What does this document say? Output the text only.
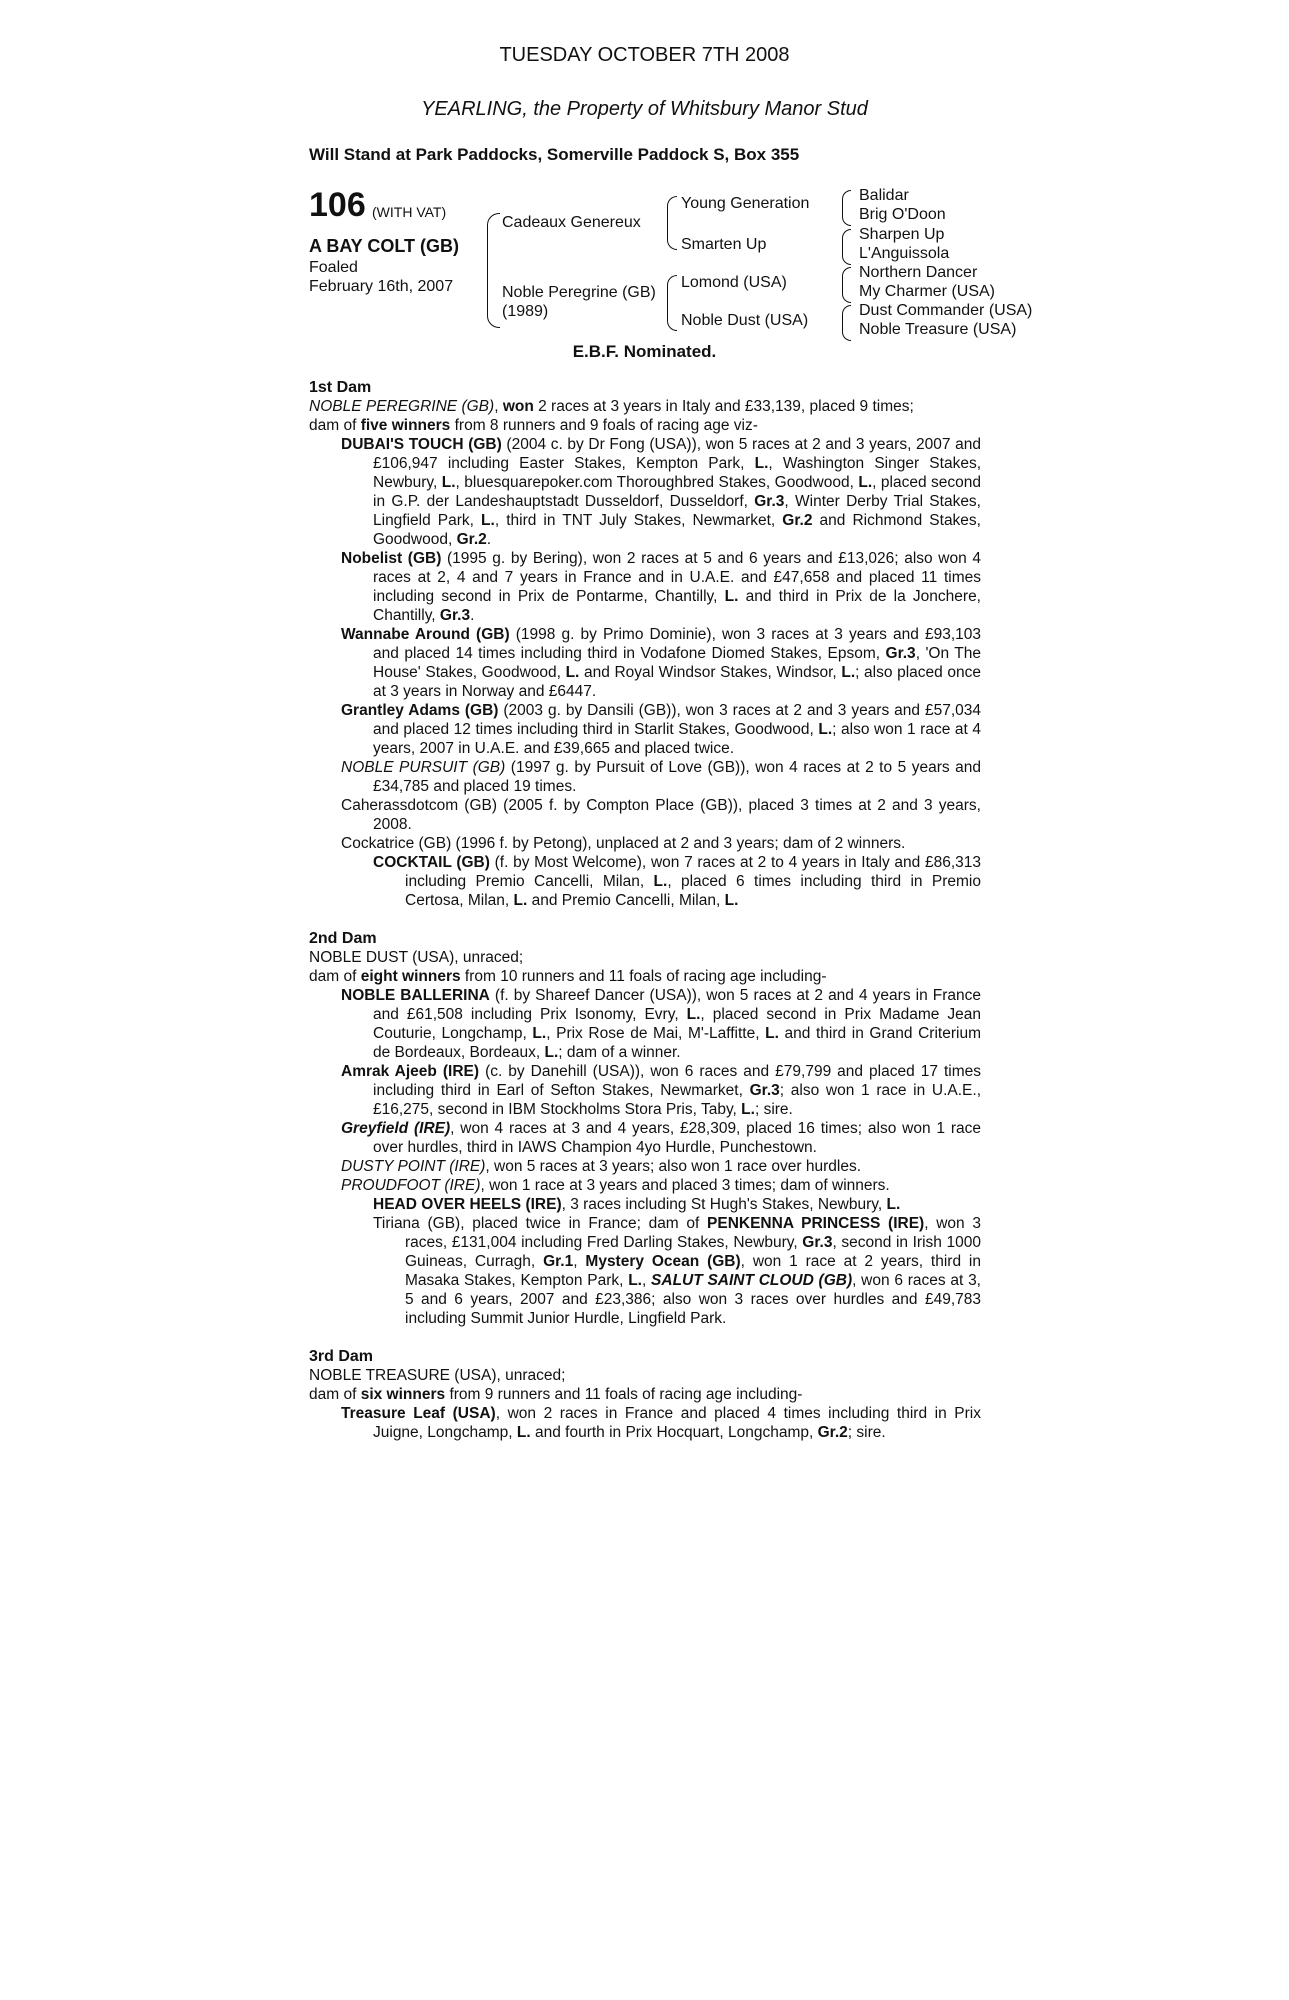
TUESDAY OCTOBER 7TH 2008
YEARLING, the Property of Whitsbury Manor Stud
Will Stand at Park Paddocks, Somerville Paddock S, Box 355
106 (WITH VAT)
A BAY COLT (GB)
Foaled
February 16th, 2007
Cadeaux Genereux
Noble Peregrine (GB)
(1989)
Young Generation
Smarten Up
Lomond (USA)
Noble Dust (USA)
Balidar
Brig O'Doon
Sharpen Up
L'Anguissola
Northern Dancer
My Charmer (USA)
Dust Commander (USA)
Noble Treasure (USA)
E.B.F. Nominated.

1st Dam

NOBLE PEREGRINE (GB), won 2 races at 3 years in Italy and £33,139, placed 9 times;

dam of five winners from 8 runners and 9 foals of racing age viz-

DUBAI'S TOUCH (GB) (2004 c. by Dr Fong (USA)), won 5 races at 2 and 3 years, 2007 and £106,947 including Easter Stakes, Kempton Park, L., Washington Singer Stakes, Newbury, L., bluesquarepoker.com Thoroughbred Stakes, Goodwood, L., placed second in G.P. der Landeshauptstadt Dusseldorf, Dusseldorf, Gr.3, Winter Derby Trial Stakes, Lingfield Park, L., third in TNT July Stakes, Newmarket, Gr.2 and Richmond Stakes, Goodwood, Gr.2.

Nobelist (GB) (1995 g. by Bering), won 2 races at 5 and 6 years and £13,026; also won 4 races at 2, 4 and 7 years in France and in U.A.E. and £47,658 and placed 11 times including second in Prix de Pontarme, Chantilly, L. and third in Prix de la Jonchere, Chantilly, Gr.3.

Wannabe Around (GB) (1998 g. by Primo Dominie), won 3 races at 3 years and £93,103 and placed 14 times including third in Vodafone Diomed Stakes, Epsom, Gr.3, 'On The House' Stakes, Goodwood, L. and Royal Windsor Stakes, Windsor, L.; also placed once at 3 years in Norway and £6447.

Grantley Adams (GB) (2003 g. by Dansili (GB)), won 3 races at 2 and 3 years and £57,034 and placed 12 times including third in Starlit Stakes, Goodwood, L.; also won 1 race at 4 years, 2007 in U.A.E. and £39,665 and placed twice.

NOBLE PURSUIT (GB) (1997 g. by Pursuit of Love (GB)), won 4 races at 2 to 5 years and £34,785 and placed 19 times.

Caherassdotcom (GB) (2005 f. by Compton Place (GB)), placed 3 times at 2 and 3 years, 2008.

Cockatrice (GB) (1996 f. by Petong), unplaced at 2 and 3 years; dam of 2 winners.

COCKTAIL (GB) (f. by Most Welcome), won 7 races at 2 to 4 years in Italy and £86,313 including Premio Cancelli, Milan, L., placed 6 times including third in Premio Certosa, Milan, L. and Premio Cancelli, Milan, L.

2nd Dam

NOBLE DUST (USA), unraced;

dam of eight winners from 10 runners and 11 foals of racing age including-

NOBLE BALLERINA (f. by Shareef Dancer (USA)), won 5 races at 2 and 4 years in France and £61,508 including Prix Isonomy, Evry, L., placed second in Prix Madame Jean Couturie, Longchamp, L., Prix Rose de Mai, M'-Laffitte, L. and third in Grand Criterium de Bordeaux, Bordeaux, L.; dam of a winner.

Amrak Ajeeb (IRE) (c. by Danehill (USA)), won 6 races and £79,799 and placed 17 times including third in Earl of Sefton Stakes, Newmarket, Gr.3; also won 1 race in U.A.E., £16,275, second in IBM Stockholms Stora Pris, Taby, L.; sire.

Greyfield (IRE), won 4 races at 3 and 4 years, £28,309, placed 16 times; also won 1 race over hurdles, third in IAWS Champion 4yo Hurdle, Punchestown.

DUSTY POINT (IRE), won 5 races at 3 years; also won 1 race over hurdles.

PROUDFOOT (IRE), won 1 race at 3 years and placed 3 times; dam of winners.

HEAD OVER HEELS (IRE), 3 races including St Hugh's Stakes, Newbury, L.

Tiriana (GB), placed twice in France; dam of PENKENNA PRINCESS (IRE), won 3 races, £131,004 including Fred Darling Stakes, Newbury, Gr.3, second in Irish 1000 Guineas, Curragh, Gr.1, Mystery Ocean (GB), won 1 race at 2 years, third in Masaka Stakes, Kempton Park, L., SALUT SAINT CLOUD (GB), won 6 races at 3, 5 and 6 years, 2007 and £23,386; also won 3 races over hurdles and £49,783 including Summit Junior Hurdle, Lingfield Park.

3rd Dam

NOBLE TREASURE (USA), unraced;

dam of six winners from 9 runners and 11 foals of racing age including-

Treasure Leaf (USA), won 2 races in France and placed 4 times including third in Prix Juigne, Longchamp, L. and fourth in Prix Hocquart, Longchamp, Gr.2; sire.
